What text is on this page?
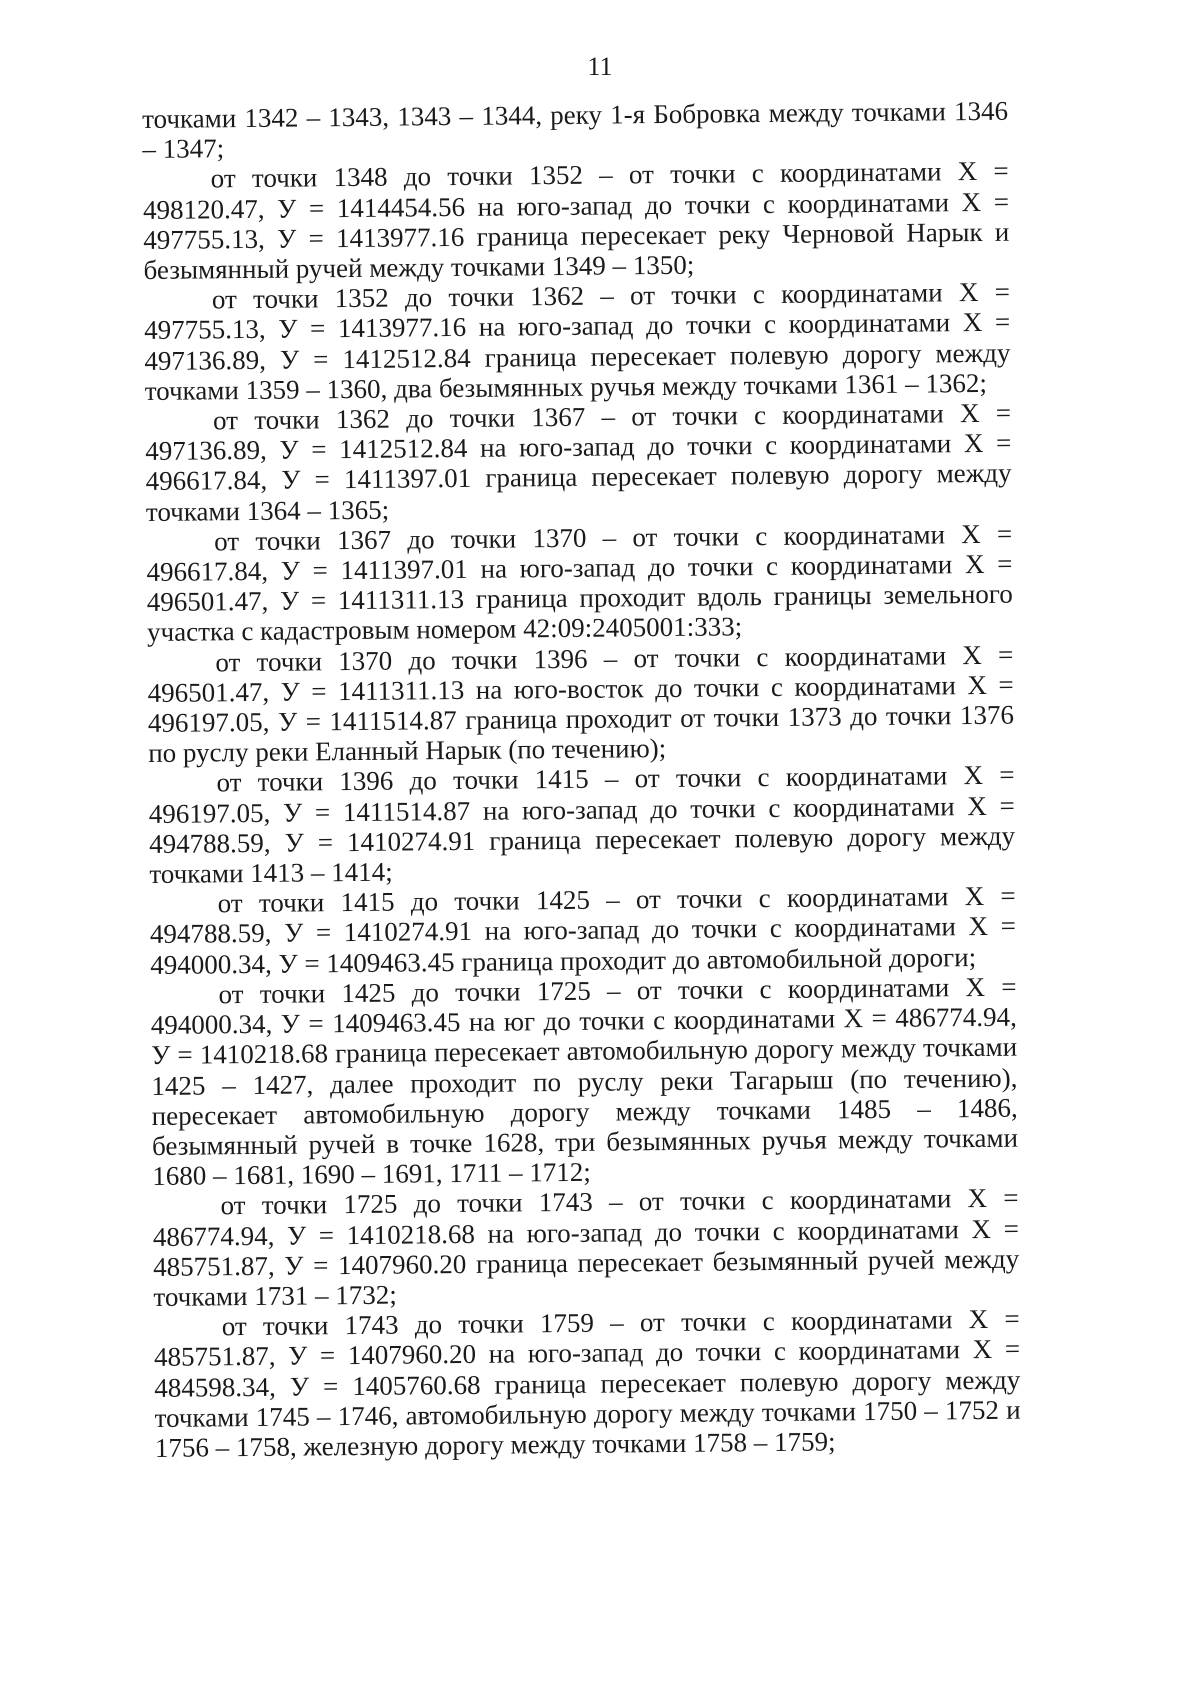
11

точками 1342 – 1343, 1343 – 1344, реку 1-я Бобровка между точками 1346 – 1347;

от точки 1348 до точки 1352 – от точки с координатами X = 498120.47, У = 1414454.56 на юго-запад до точки с координатами X = 497755.13, У = 1413977.16 граница пересекает реку Черновой Нарык и безымянный ручей между точками 1349 – 1350;

от точки 1352 до точки 1362 – от точки с координатами X = 497755.13, У = 1413977.16 на юго-запад до точки с координатами X = 497136.89, У = 1412512.84 граница пересекает полевую дорогу между точками 1359 – 1360, два безымянных ручья между точками 1361 – 1362;

от точки 1362 до точки 1367 – от точки с координатами X = 497136.89, У = 1412512.84 на юго-запад до точки с координатами X = 496617.84, У = 1411397.01 граница пересекает полевую дорогу между точками 1364 – 1365;

от точки 1367 до точки 1370 – от точки с координатами X = 496617.84, У = 1411397.01 на юго-запад до точки с координатами X = 496501.47, У = 1411311.13 граница проходит вдоль границы земельного участка с кадастровым номером 42:09:2405001:333;

от точки 1370 до точки 1396 – от точки с координатами X = 496501.47, У = 1411311.13 на юго-восток до точки с координатами X = 496197.05, У = 1411514.87 граница проходит от точки 1373 до точки 1376 по руслу реки Еланный Нарык (по течению);

от точки 1396 до точки 1415 – от точки с координатами X = 496197.05, У = 1411514.87 на юго-запад до точки с координатами X = 494788.59, У = 1410274.91 граница пересекает полевую дорогу между точками 1413 – 1414;

от точки 1415 до точки 1425 – от точки с координатами X = 494788.59, У = 1410274.91 на юго-запад до точки с координатами X = 494000.34, У = 1409463.45 граница проходит до автомобильной дороги;

от точки 1425 до точки 1725 – от точки с координатами X = 494000.34, У = 1409463.45 на юг до точки с координатами X = 486774.94, У = 1410218.68 граница пересекает автомобильную дорогу между точками 1425 – 1427, далее проходит по руслу реки Тагарыш (по течению), пересекает автомобильную дорогу между точками 1485 – 1486, безымянный ручей в точке 1628, три безымянных ручья между точками 1680 – 1681, 1690 – 1691, 1711 – 1712;

от точки 1725 до точки 1743 – от точки с координатами X = 486774.94, У = 1410218.68 на юго-запад до точки с координатами X = 485751.87, У = 1407960.20 граница пересекает безымянный ручей между точками 1731 – 1732;

от точки 1743 до точки 1759 – от точки с координатами X = 485751.87, У = 1407960.20 на юго-запад до точки с координатами X = 484598.34, У = 1405760.68 граница пересекает полевую дорогу между точками 1745 – 1746, автомобильную дорогу между точками 1750 – 1752 и 1756 – 1758, железную дорогу между точками 1758 – 1759;
